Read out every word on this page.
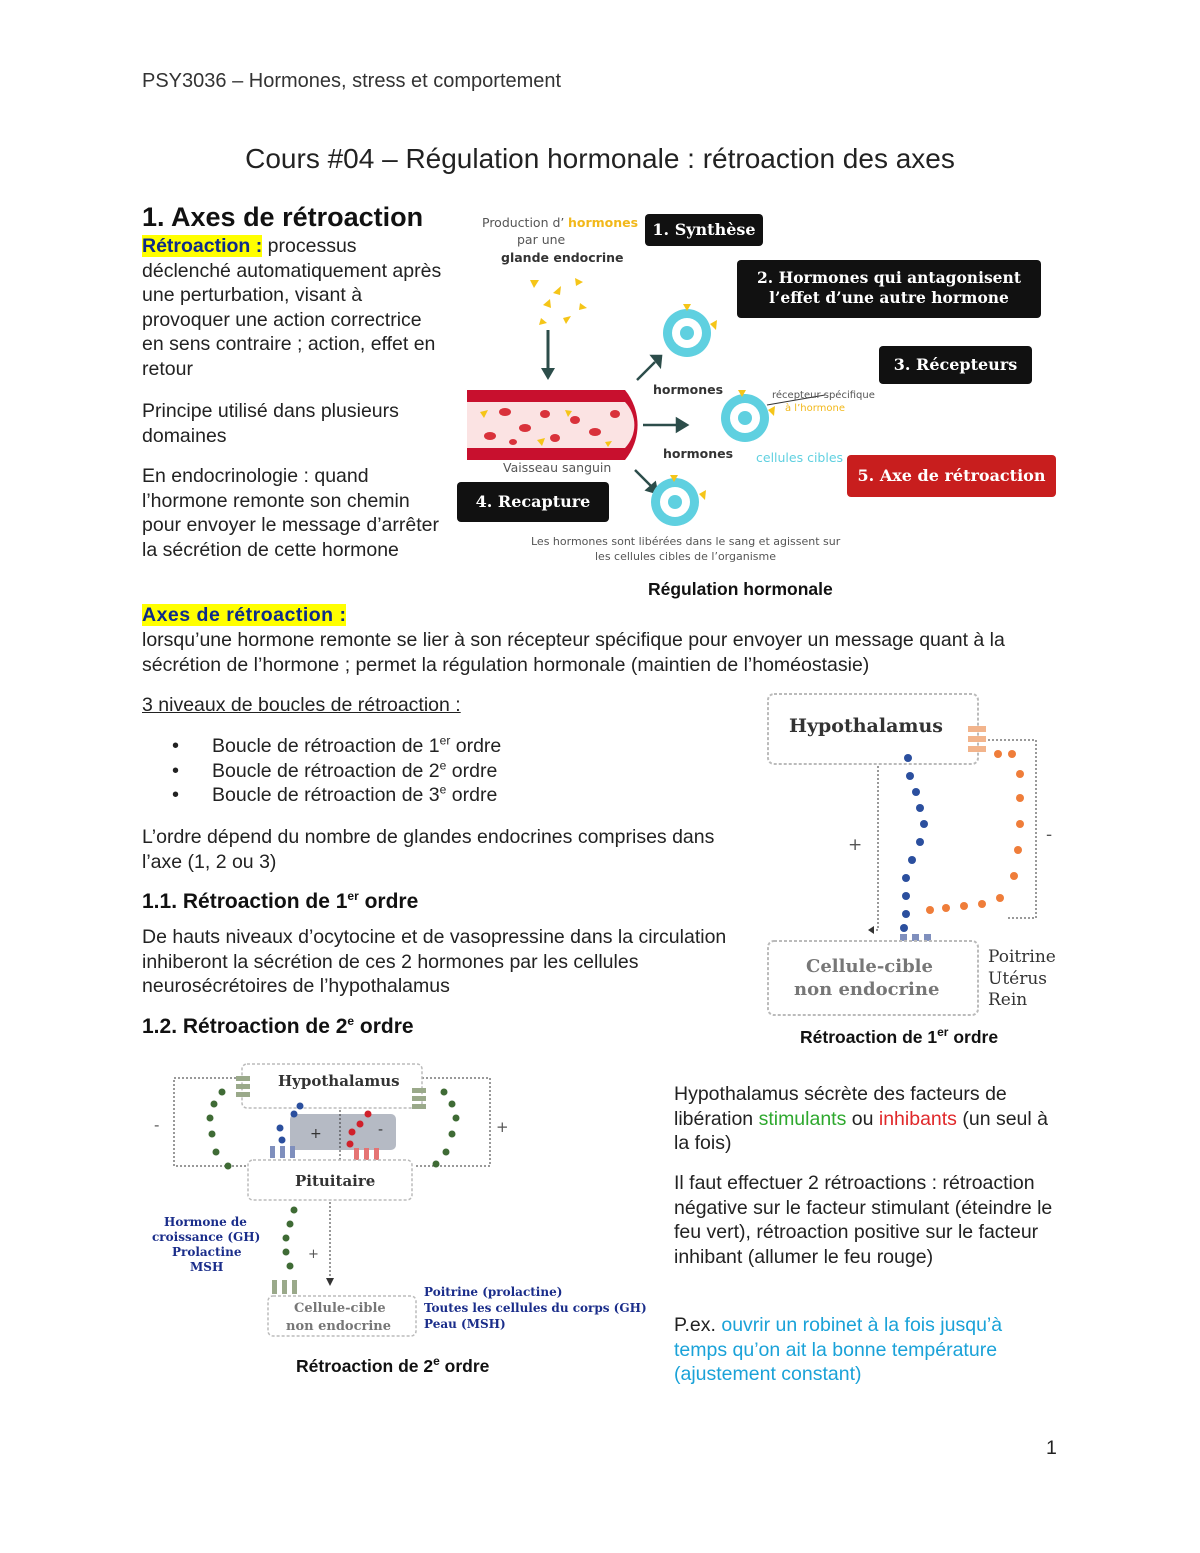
PSY3036 – Hormones, stress et comportement
Cours #04 – Régulation hormonale : rétroaction des axes
1. Axes de rétroaction
Rétroaction : processus déclenché automatiquement après une perturbation, visant à provoquer une action correctrice en sens contraire ; action, effet en retour
Principe utilisé dans plusieurs domaines
En endocrinologie : quand l’hormone remonte son chemin pour envoyer le message d’arrêter la sécrétion de cette hormone
Production d’ hormones
par une
glande endocrine
Vaisseau sanguin
hormones
hormones
récepteur spécifique
à l’hormone
cellules cibles
Les hormones sont libérées dans le sang et agissent sur
les cellules cibles de l’organisme
1. Synthèse
2. Hormones qui antagonisent
l’effet d’une autre hormone
3. Récepteurs
5. Axe de rétroaction
4. Recapture
Régulation hormonale
Axes de rétroaction :
lorsqu’une hormone remonte se lier à son récepteur spécifique pour envoyer un message quant à la sécrétion de l’hormone ; permet la régulation hormonale (maintien de l’homéostasie)
3 niveaux de boucles de rétroaction :
• Boucle de rétroaction de 1er ordre
• Boucle de rétroaction de 2e ordre
• Boucle de rétroaction de 3e ordre
L’ordre dépend du nombre de glandes endocrines comprises dans l’axe (1, 2 ou 3)
1.1. Rétroaction de 1er ordre
De hauts niveaux d’ocytocine et de vasopressine dans la circulation inhiberont la sécrétion de ces 2 hormones par les cellules neurosécrétoires de l’hypothalamus
Hypothalamus
+	-
Cellule-cible
non endocrine
Poitrine
Utérus
Rein
Rétroaction de 1er ordre
1.2. Rétroaction de 2e ordre
-	+
Hypothalamus
+	-
Pituitaire
+
Hormone de
croissance (GH)
Prolactine
MSH
Cellule-cible
non endocrine
Poitrine (prolactine)
Toutes les cellules du corps (GH)
Peau (MSH)
Rétroaction de 2e ordre
Hypothalamus sécrète des facteurs de libération stimulants ou inhibants (un seul à la fois)
Il faut effectuer 2 rétroactions : rétroaction négative sur le facteur stimulant (éteindre le feu vert), rétroaction positive sur le facteur inhibant (allumer le feu rouge)
P.ex. ouvrir un robinet à la fois jusqu’à temps qu’on ait la bonne température (ajustement constant)
1
